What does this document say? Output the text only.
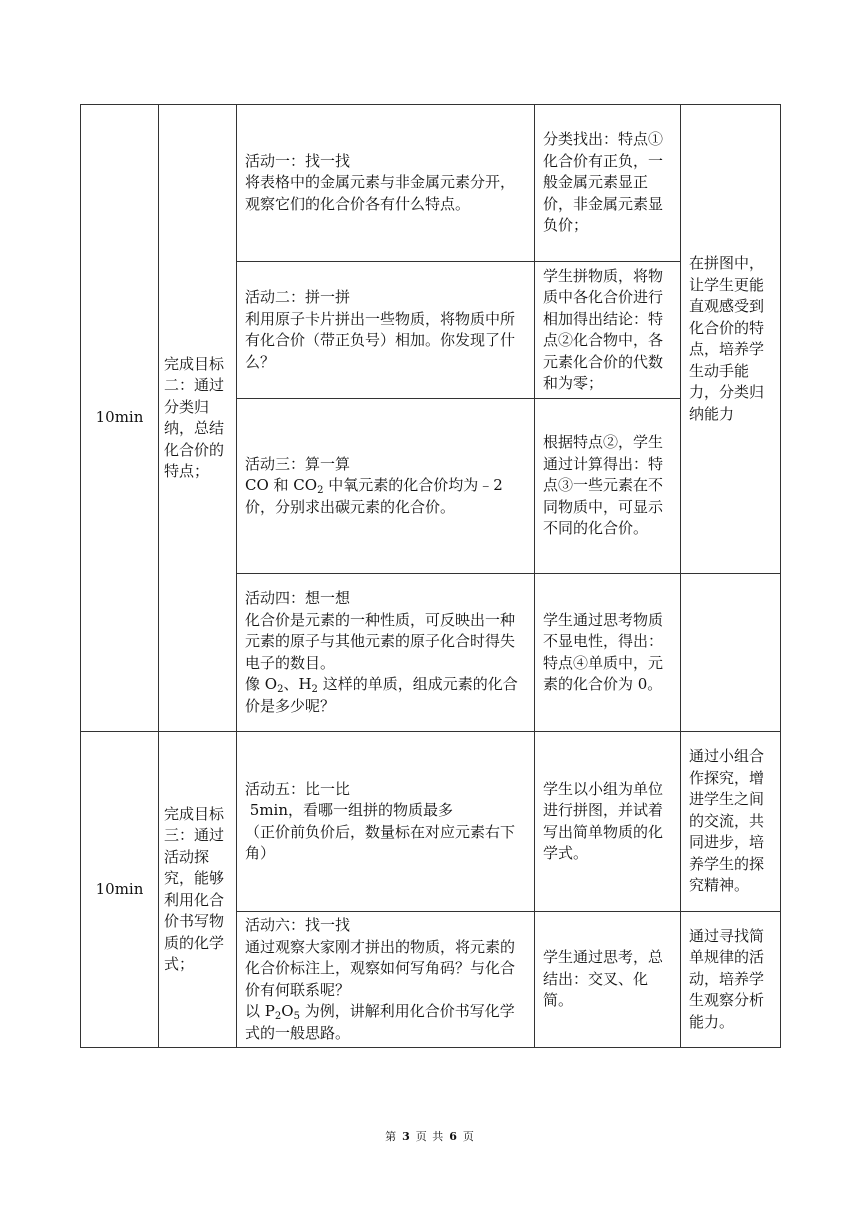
10min	完成目标二：通过分类归纳，总结化合价的特点；	活动一：找一找
将表格中的金属元素与非金属元素分开，观察它们的化合价各有什么特点。	分类找出：特点①化合价有正负，一般金属元素显正价，非金属元素显负价；	在拼图中，让学生更能直观感受到化合价的特点，培养学生动手能力，分类归纳能力

		活动二：拼一拼
利用原子卡片拼出一些物质，将物质中所有化合价（带正负号）相加。你发现了什么？	学生拼物质，将物质中各化合价进行相加得出结论：特点②化合物中，各元素化合价的代数和为零；	

		活动三：算一算
CO 和 $CO_2$ 中氧元素的化合价均为﹣2 价，分别求出碳元素的化合价。	根据特点②，学生通过计算得出：特点③一些元素在不同物质中，可显示不同的化合价。	

		活动四：想一想
化合价是元素的一种性质，可反映出一种元素的原子与其他元素的原子化合时得失电子的数目。
像 $O_2$、$H_2$ 这样的单质，组成元素的化合价是多少呢？	学生通过思考物质不显电性，得出：特点④单质中，元素的化合价为 0。	
10min	完成目标三：通过活动探究，能够利用化合价书写物质的化学式；	活动五：比一比
5min，看哪一组拼的物质最多
（正价前负价后，数量标在对应元素右下角）	学生以小组为单位进行拼图，并试着写出简单物质的化学式。	通过小组合作探究，增进学生之间的交流，共同进步，培养学生的探究精神。

		活动六：找一找
通过观察大家刚才拼出的物质，将元素的化合价标注上，观察如何写角码？与化合价有何联系呢？
以 $P_2O_5$ 为例，讲解利用化合价书写化学式的一般思路。	学生通过思考，总结出：交叉、化简。	通过寻找简单规律的活动，培养学生观察分析能力。
第 3 页 共 6 页
